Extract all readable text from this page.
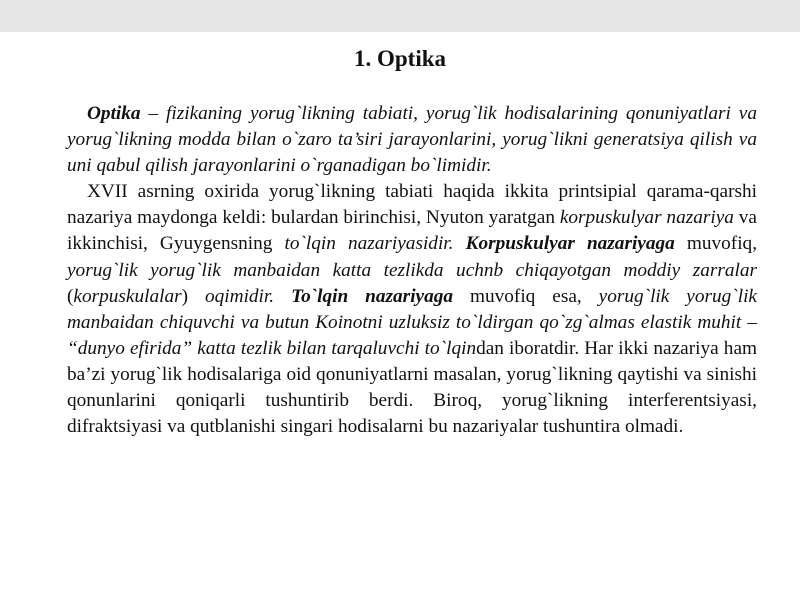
1. Optika

Optika – fizikaning yorug`likning tabiati, yorug`lik hodisalarining qonuniyatlari va yorug`likning modda bilan o`zaro ta’siri jarayonlarini, yorug`likni generatsiya qilish va uni qabul qilish jarayonlarini o`rganadigan bo`limidir.

XVII asrning oxirida yorug`likning tabiati haqida ikkita printsipial qarama-qarshi nazariya maydonga keldi: bulardan birinchisi, Nyuton yaratgan korpuskulyar nazariya va ikkinchisi, Gyuygensning to`lqin nazariyasidir. Korpuskulyar nazariyaga muvofiq, yorug`lik yorug`lik manbaidan katta tezlikda uchnb chiqayotgan moddiy zarralar (korpuskulalar) oqimidir. To`lqin nazariyaga muvofiq esa, yorug`lik yorug`lik manbaidan chiquvchi va butun Koinotni uzluksiz to`ldirgan qo`zg`almas elastik muhit – “dunyo efirida” katta tezlik bilan tarqaluvchi to`lqindan iboratdir. Har ikki nazariya ham ba’zi yorug`lik hodisalariga oid qonuniyatlarni masalan, yorug`likning qaytishi va sinishi qonunlarini qoniqarli tushuntirib berdi. Biroq, yorug`likning interferentsiyasi, difraktsiyasi va qutblanishi singari hodisalarni bu nazariyalar tushuntira olmadi.
